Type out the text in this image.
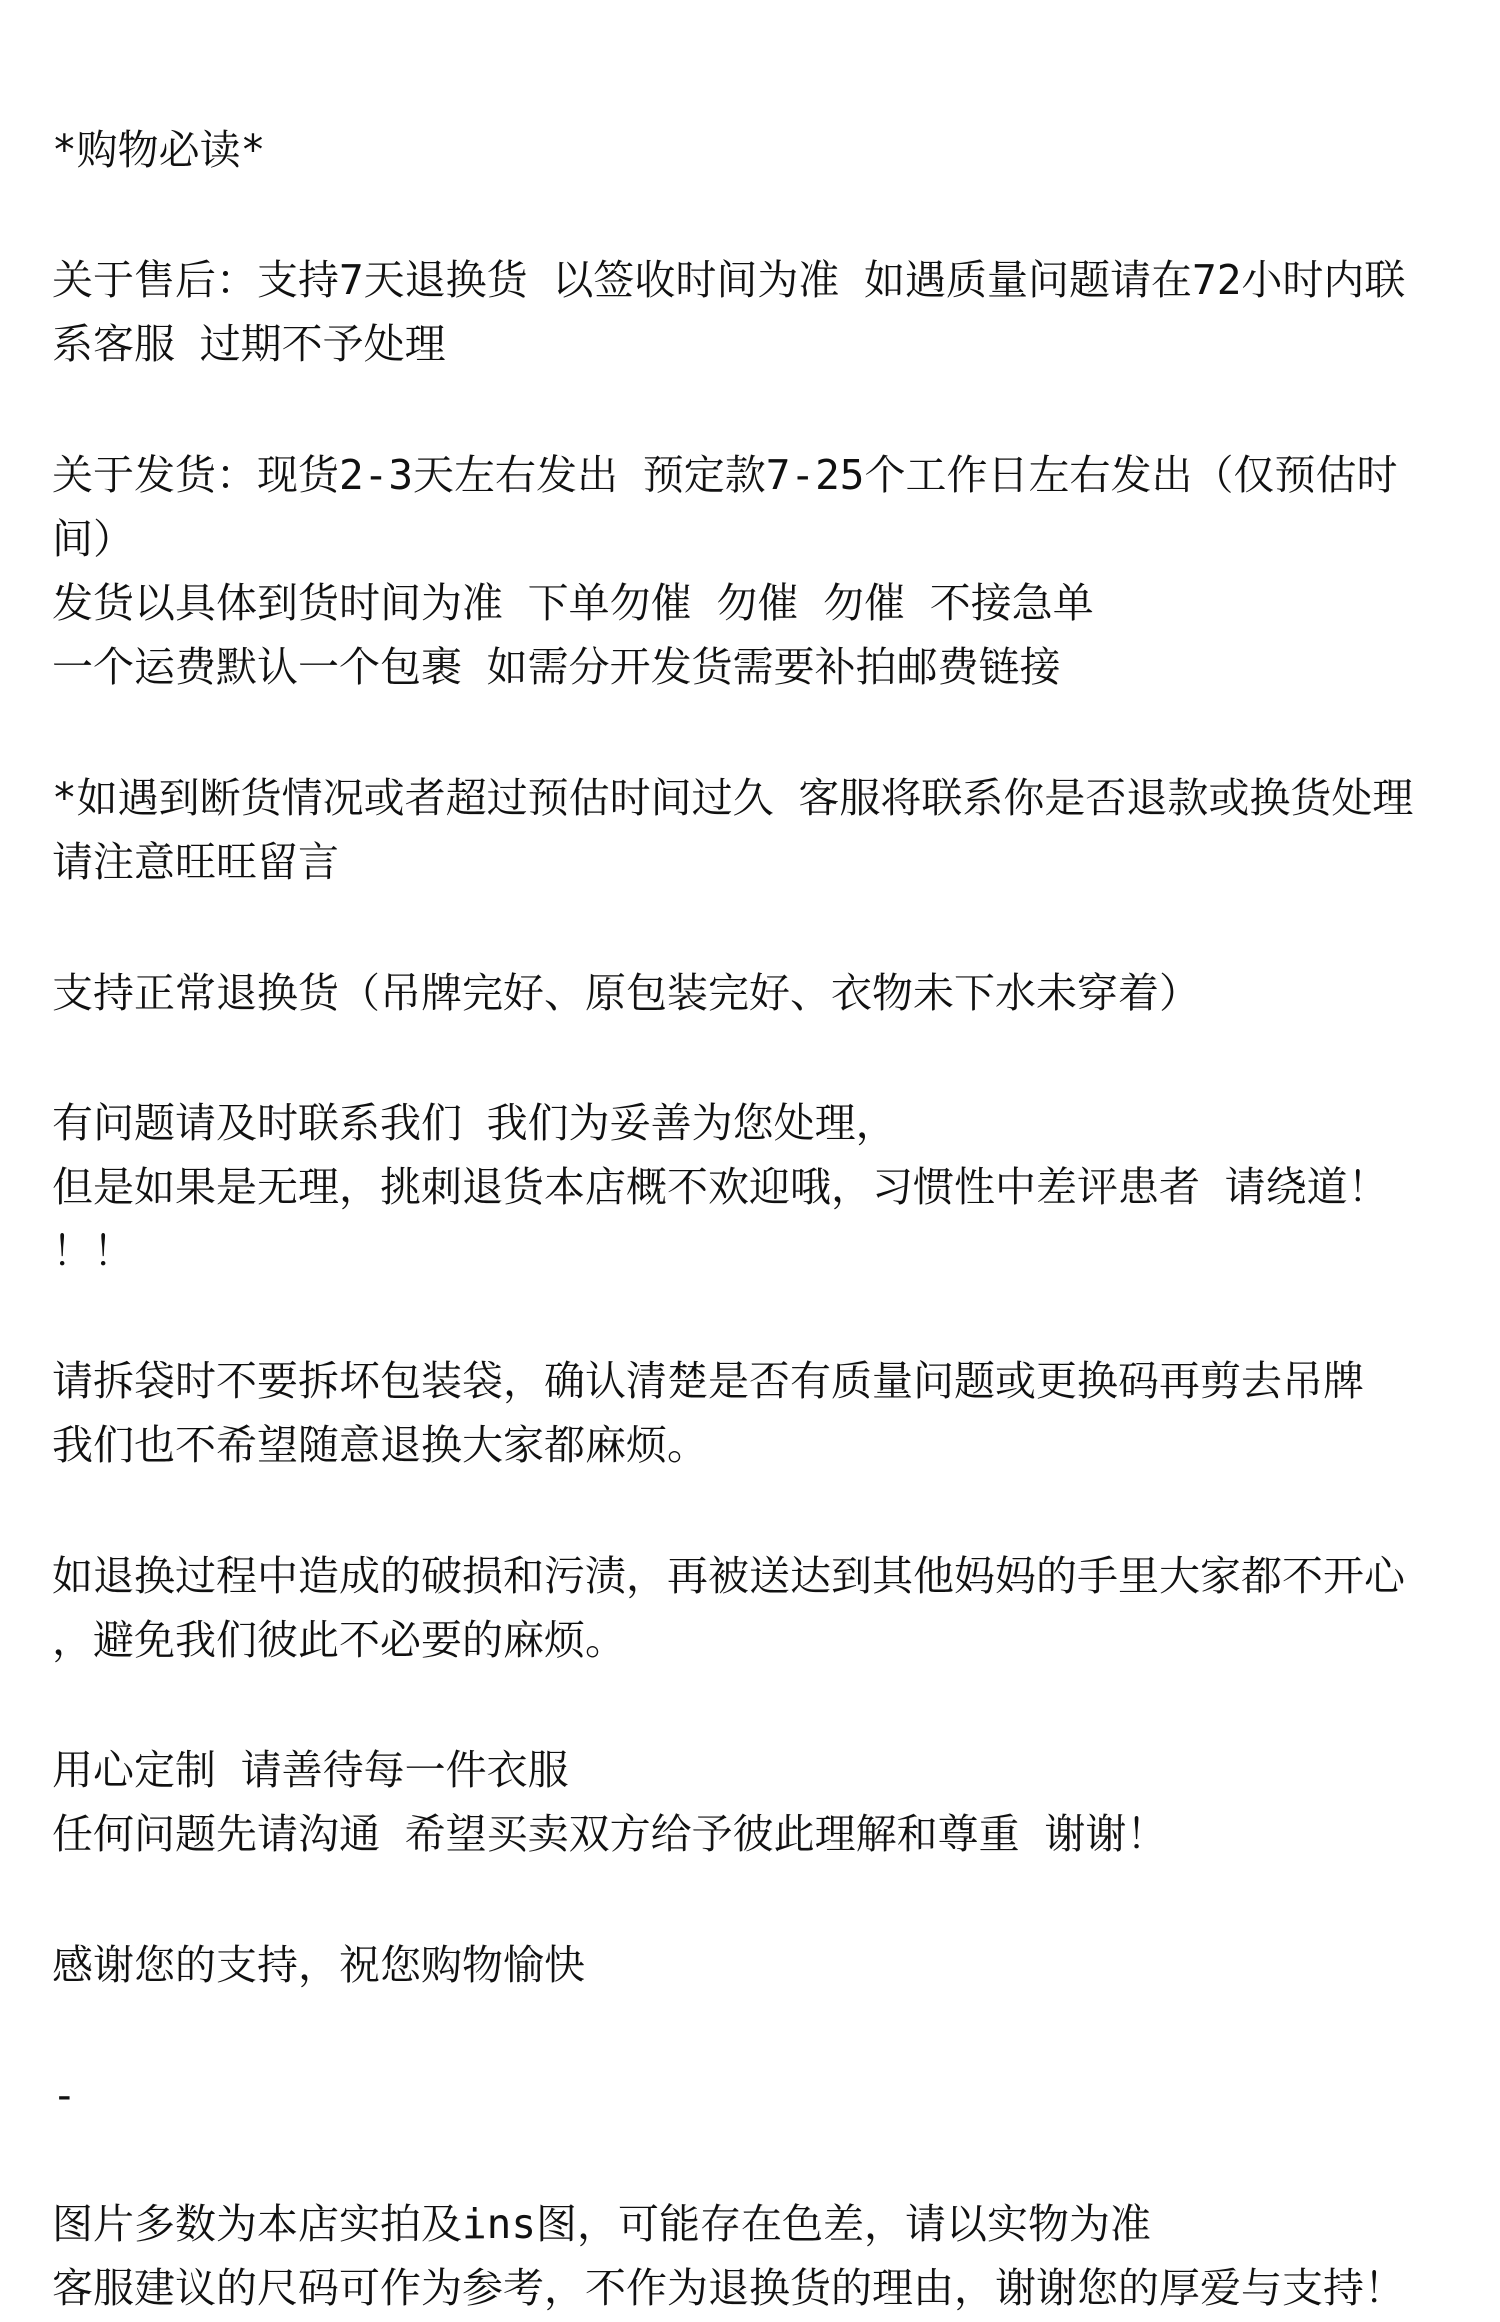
*购物必读*
关于售后：支持7天退换货 以签收时间为准 如遇质量问题请在72小时内联
系客服 过期不予处理
关于发货：现货2-3天左右发出 预定款7-25个工作日左右发出（仅预估时
间）
发货以具体到货时间为准 下单勿催 勿催 勿催 不接急单
一个运费默认一个包裹 如需分开发货需要补拍邮费链接
*如遇到断货情况或者超过预估时间过久 客服将联系你是否退款或换货处理
请注意旺旺留言
支持正常退换货（吊牌完好、原包装完好、衣物未下水未穿着）
有问题请及时联系我们 我们为妥善为您处理，
但是如果是无理，挑刺退货本店概不欢迎哦，习惯性中差评患者 请绕道！
！！
请拆袋时不要拆坏包装袋，确认清楚是否有质量问题或更换码再剪去吊牌
我们也不希望随意退换大家都麻烦。
如退换过程中造成的破损和污渍，再被送达到其他妈妈的手里大家都不开心
，避免我们彼此不必要的麻烦。
用心定制 请善待每一件衣服
任何问题先请沟通 希望买卖双方给予彼此理解和尊重 谢谢！
感谢您的支持，祝您购物愉快
-
图片多数为本店实拍及ins图，可能存在色差，请以实物为准
客服建议的尺码可作为参考，不作为退换货的理由，谢谢您的厚爱与支持！
